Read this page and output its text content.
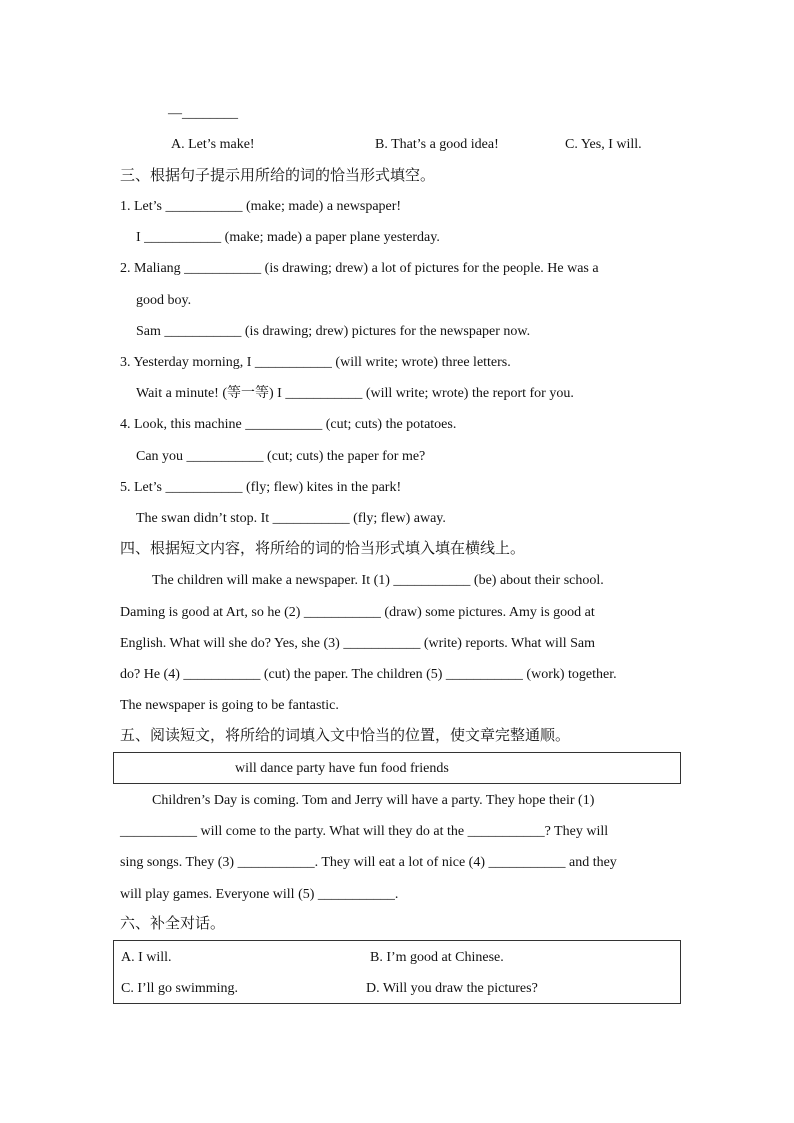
—________
A. Let’s make!	B. That’s a good idea!	C. Yes, I will.
三、根据句子提示用所给的词的恰当形式填空。
1. Let’s ___________ (make; made) a newspaper!
I ___________ (make; made) a paper plane yesterday.
2. Maliang ___________ (is drawing; drew) a lot of pictures for the people. He was a
good boy.
Sam ___________ (is drawing; drew) pictures for the newspaper now.
3. Yesterday morning, I ___________ (will write; wrote) three letters.
Wait a minute! (等一等) I ___________ (will write; wrote) the report for you.
4. Look, this machine ___________ (cut; cuts) the potatoes.
Can you ___________ (cut; cuts) the paper for me?
5. Let’s ___________ (fly; flew) kites in the park!
The swan didn’t stop. It ___________ (fly; flew) away.
四、根据短文内容，将所给的词的恰当形式填入填在横线上。
The children will make a newspaper. It (1) ___________ (be) about their school.
Daming is good at Art, so he (2) ___________ (draw) some pictures. Amy is good at
English. What will she do? Yes, she (3) ___________ (write) reports. What will Sam
do? He (4) ___________ (cut) the paper. The children (5) ___________ (work) together.
The newspaper is going to be fantastic.
五、阅读短文，将所给的词填入文中恰当的位置，使文章完整通顺。
will dance party have fun food friends
Children’s Day is coming. Tom and Jerry will have a party. They hope their (1)
___________ will come to the party. What will they do at the ___________? They will
sing songs. They (3) ___________. They will eat a lot of nice (4) ___________ and they
will play games. Everyone will (5) ___________.
六、补全对话。
A. I will.	B. I’m good at Chinese.
C. I’ll go swimming.	D. Will you draw the pictures?
